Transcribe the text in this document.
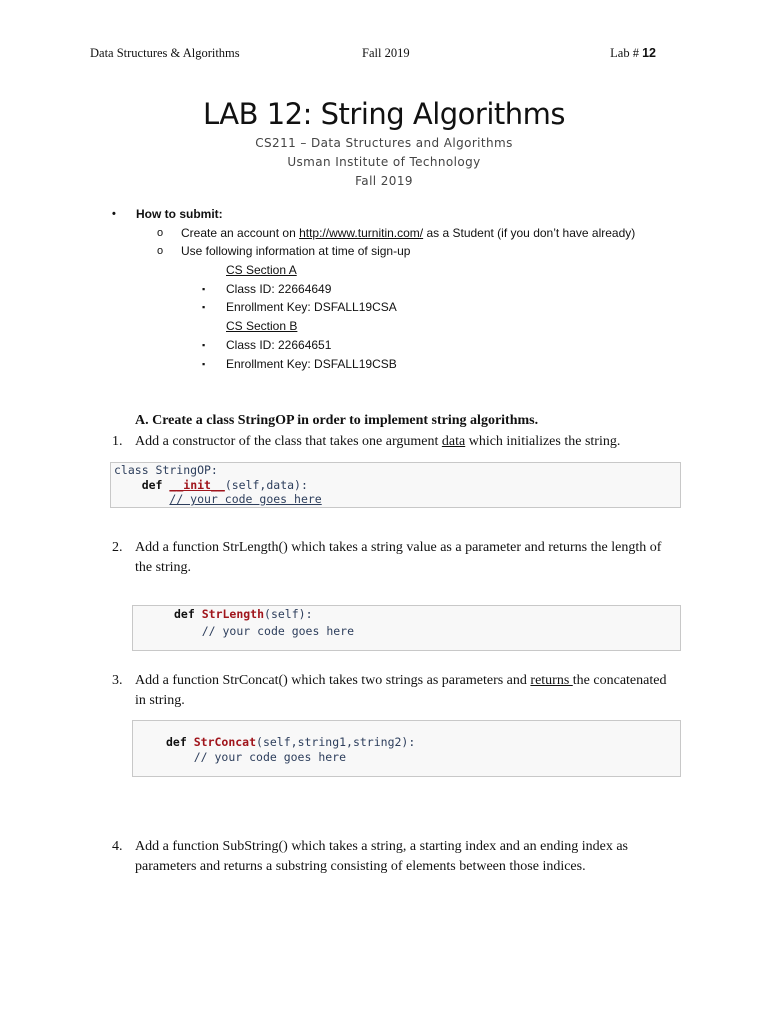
Data Structures & Algorithms	Fall 2019	Lab # 12
LAB 12: String Algorithms
CS211 – Data Structures and Algorithms
Usman Institute of Technology
Fall 2019
• How to submit:
o Create an account on http://www.turnitin.com/ as a Student (if you don’t have already)
o Use following information at time of sign-up
CS Section A
▪ Class ID: 22664649
▪ Enrollment Key: DSFALL19CSA
CS Section B
▪ Class ID: 22664651
▪ Enrollment Key: DSFALL19CSB
A. Create a class StringOP in order to implement string algorithms.
1. Add a constructor of the class that takes one argument data which initializes the string.
class StringOP:
def __init__(self,data):
// your code goes here
2. Add a function StrLength() which takes a string value as a parameter and returns the length of the string.
def StrLength(self):
// your code goes here
3. Add a function StrConcat() which takes two strings as parameters and returns the concatenated in string.
def StrConcat(self,string1,string2):
// your code goes here
4. Add a function SubString() which takes a string, a starting index and an ending index as parameters and returns a substring consisting of elements between those indices.
